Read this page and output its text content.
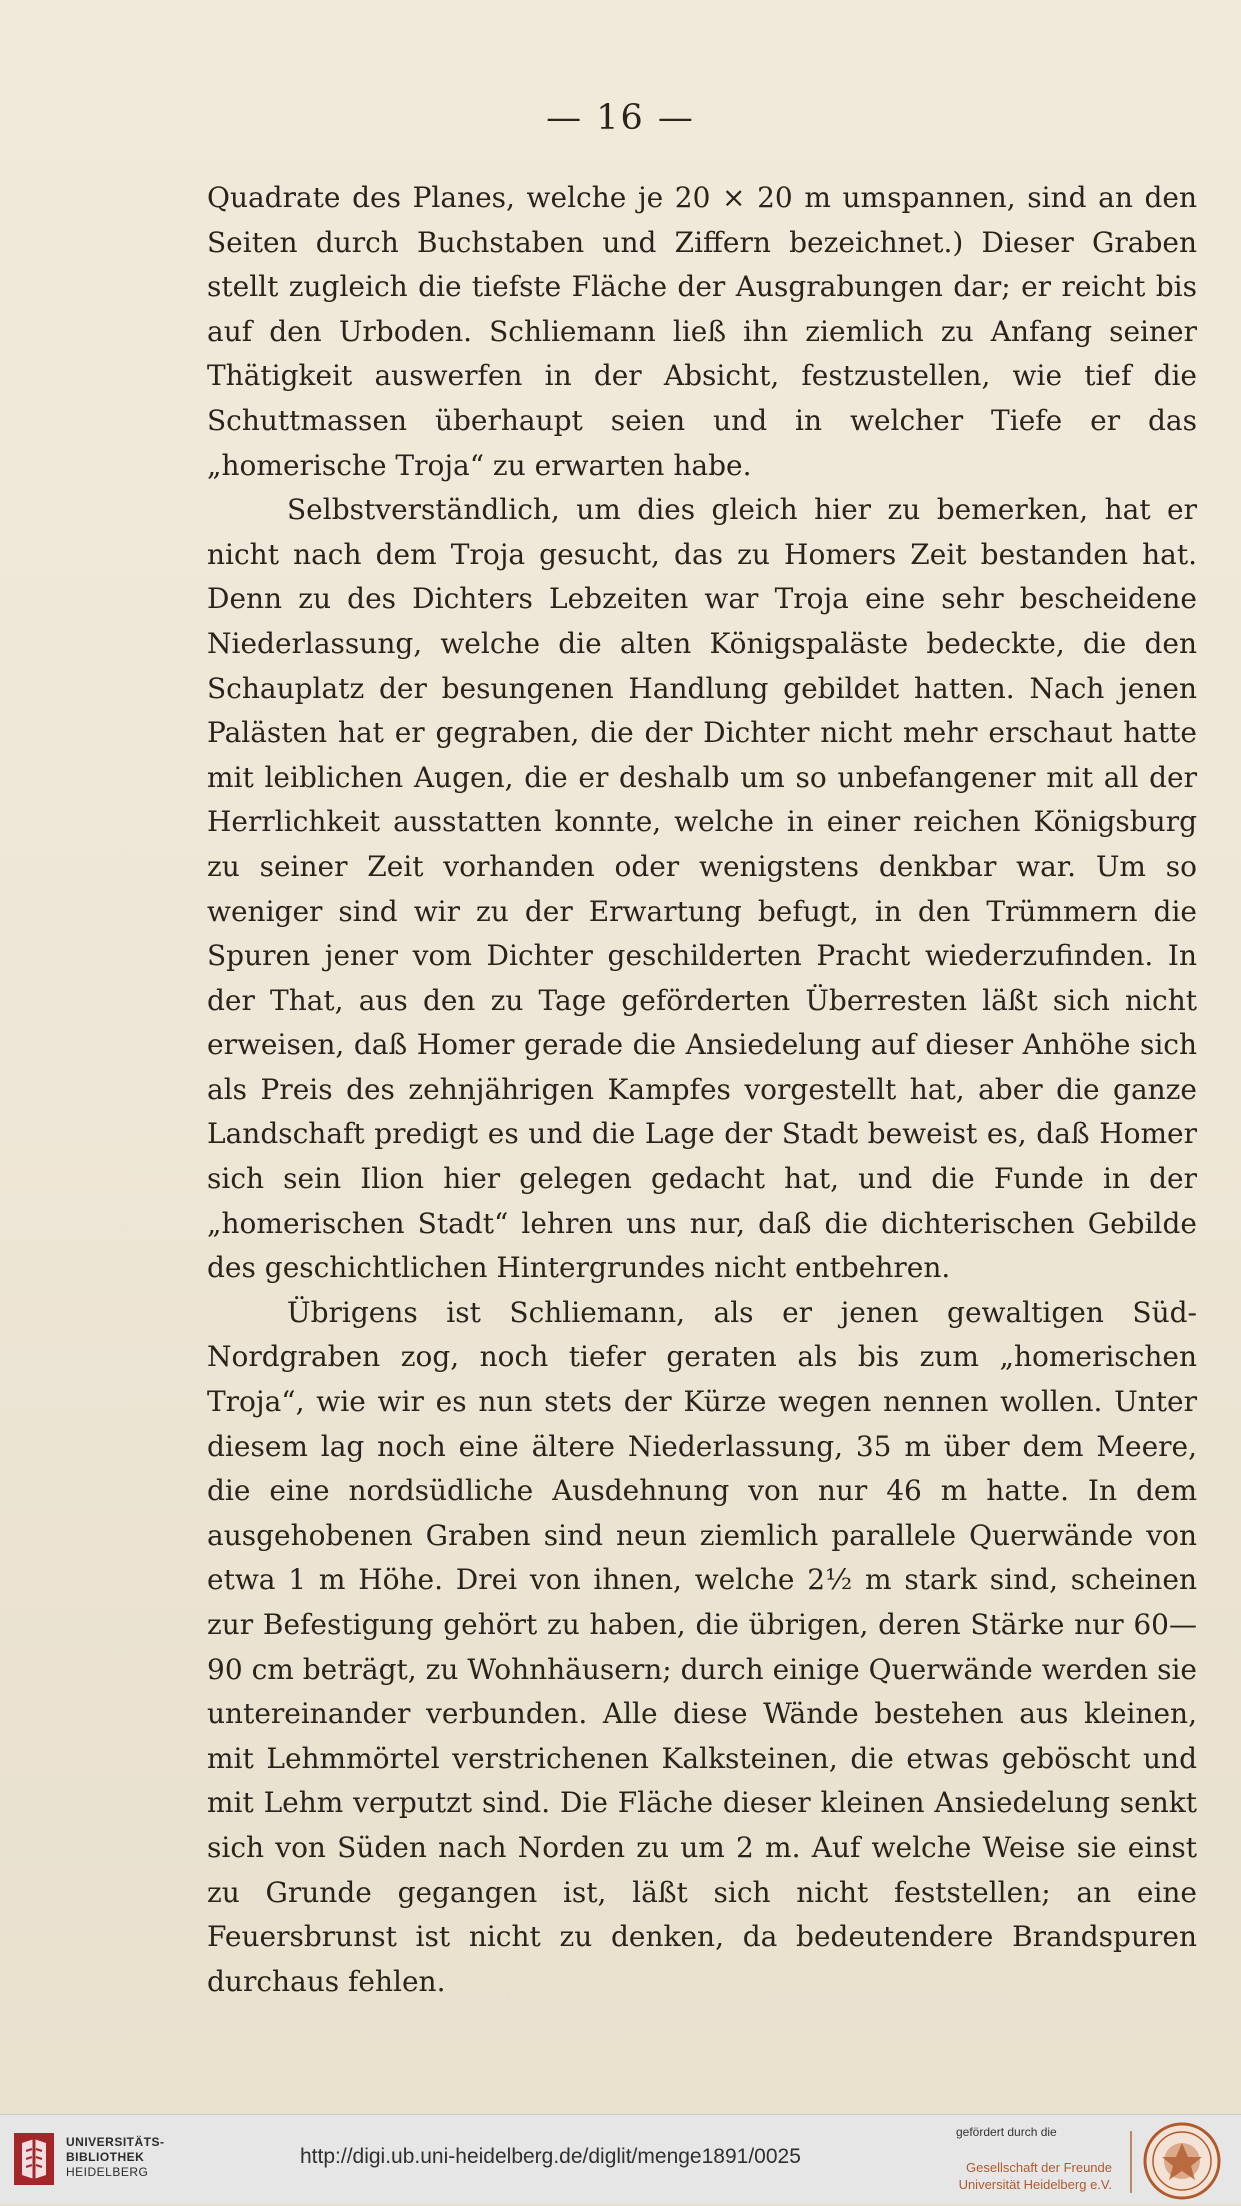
— 16 —

Quadrate des Planes, welche je 20 × 20 m umspannen, sind an den Seiten durch Buchstaben und Ziffern bezeichnet.) Dieser Graben stellt zugleich die tiefste Fläche der Ausgrabungen dar; er reicht bis auf den Urboden. Schliemann ließ ihn ziemlich zu Anfang seiner Thätigkeit auswerfen in der Absicht, festzustellen, wie tief die Schuttmassen überhaupt seien und in welcher Tiefe er das „homerische Troja“ zu erwarten habe.

Selbstverständlich, um dies gleich hier zu bemerken, hat er nicht nach dem Troja gesucht, das zu Homers Zeit bestanden hat. Denn zu des Dichters Lebzeiten war Troja eine sehr bescheidene Niederlassung, welche die alten Königspaläste bedeckte, die den Schauplatz der besungenen Handlung gebildet hatten. Nach jenen Palästen hat er gegraben, die der Dichter nicht mehr erschaut hatte mit leiblichen Augen, die er deshalb um so unbefangener mit all der Herrlichkeit ausstatten konnte, welche in einer reichen Königsburg zu seiner Zeit vorhanden oder wenigstens denkbar war. Um so weniger sind wir zu der Erwartung befugt, in den Trümmern die Spuren jener vom Dichter geschilderten Pracht wiederzufinden. In der That, aus den zu Tage geförderten Überresten läßt sich nicht erweisen, daß Homer gerade die Ansiedelung auf dieser Anhöhe sich als Preis des zehnjährigen Kampfes vorgestellt hat, aber die ganze Landschaft predigt es und die Lage der Stadt beweist es, daß Homer sich sein Ilion hier gelegen gedacht hat, und die Funde in der „homerischen Stadt“ lehren uns nur, daß die dichterischen Gebilde des geschichtlichen Hintergrundes nicht entbehren.

Übrigens ist Schliemann, als er jenen gewaltigen Süd-Nordgraben zog, noch tiefer geraten als bis zum „homerischen Troja“, wie wir es nun stets der Kürze wegen nennen wollen. Unter diesem lag noch eine ältere Niederlassung, 35 m über dem Meere, die eine nordsüdliche Ausdehnung von nur 46 m hatte. In dem ausgehobenen Graben sind neun ziemlich parallele Querwände von etwa 1 m Höhe. Drei von ihnen, welche 2½ m stark sind, scheinen zur Befestigung gehört zu haben, die übrigen, deren Stärke nur 60—90 cm beträgt, zu Wohnhäusern; durch einige Querwände werden sie untereinander verbunden. Alle diese Wände bestehen aus kleinen, mit Lehmmörtel verstrichenen Kalksteinen, die etwas geböscht und mit Lehm verputzt sind. Die Fläche dieser kleinen Ansiedelung senkt sich von Süden nach Norden zu um 2 m. Auf welche Weise sie einst zu Grunde gegangen ist, läßt sich nicht feststellen; an eine Feuersbrunst ist nicht zu denken, da bedeutendere Brandspuren durchaus fehlen.

UNIVERSITÄTS-
BIBLIOTHEK
HEIDELBERG
http://digi.ub.uni-heidelberg.de/diglit/menge1891/0025
gefördert durch die
Gesellschaft der Freunde
Universität Heidelberg e.V.
